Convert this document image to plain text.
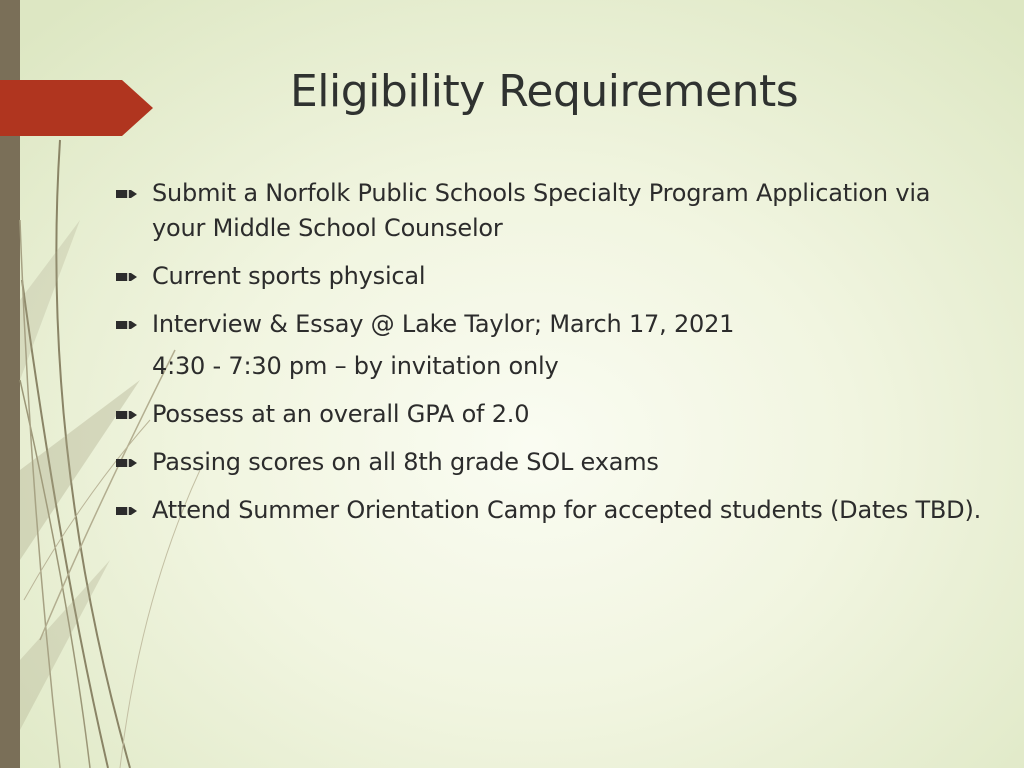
Eligibility Requirements
Submit a Norfolk Public Schools Specialty Program Application via your Middle School Counselor
Current sports physical
Interview & Essay @ Lake Taylor; March 17, 2021
4:30 - 7:30 pm – by invitation only
Possess at an overall GPA of 2.0
Passing scores on all 8th grade SOL exams
Attend Summer Orientation Camp for accepted students (Dates TBD).
